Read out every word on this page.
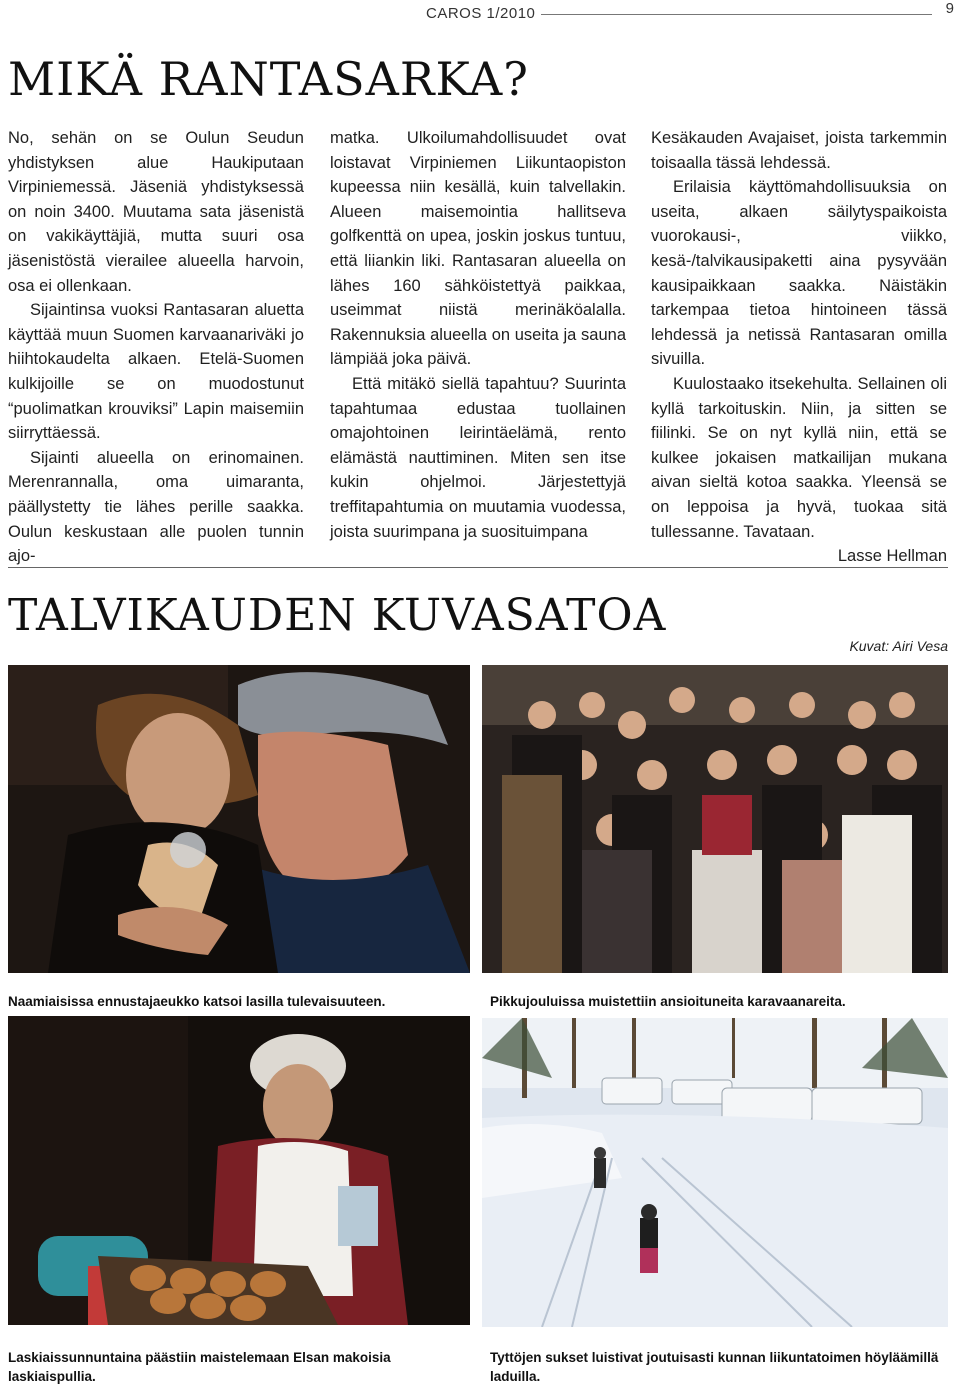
CAROS 1/2010	9
MIKÄ RANTASARKA?

No, sehän on se Oulun Seudun yhdistyksen alue Haukiputaan Virpiniemessä. Jäseniä yhdistyksessä on noin 3400. Muutama sata jäsenistä on vakikäyttäjiä, mutta suuri osa jäsenistöstä vierailee alueella harvoin, osa ei ollenkaan.

Sijaintinsa vuoksi Rantasaran aluetta käyttää muun Suomen karvaanariväki jo hiihtokaudelta alkaen. Etelä-Suomen kulkijoille se on muodostunut “puolimatkan krouviksi” Lapin maisemiin siirryttäessä.

Sijainti alueella on erinomainen. Merenrannalla, oma uimaranta, päällystetty tie lähes perille saakka. Oulun keskustaan alle puolen tunnin ajo-

matka. Ulkoilumahdollisuudet ovat loistavat Virpiniemen Liikuntaopiston kupeessa niin kesällä, kuin talvellakin. Alueen maisemointia hallitseva golfkenttä on upea, joskin joskus tuntuu, että liiankin liki. Rantasaran alueella on lähes 160 sähköistettyä paikkaa, useimmat niistä merinäköalalla. Rakennuksia alueella on useita ja sauna lämpiää joka päivä.

Että mitäkö siellä tapahtuu? Suurinta tapahtumaa edustaa tuollainen omajohtoinen leirintäelämä, rento elämästä nauttiminen. Miten sen itse kukin ohjelmoi. Järjestettyjä treffitapahtumia on muutamia vuodessa, joista suurimpana ja suosituimpana

Kesäkauden Avajaiset, joista tarkemmin toisaalla tässä lehdessä.

Erilaisia käyttömahdollisuuksia on useita, alkaen säilytyspaikoista vuorokausi-, viikko, kesä-/talvikausipaketti aina pysyvään kausipaikkaan saakka. Näistäkin tarkempaa tietoa hintoineen tässä lehdessä ja netissä Rantasaran omilla sivuilla.

Kuulostaako itsekehulta. Sellainen oli kyllä tarkoituskin. Niin, ja sitten se fiilinki. Se on nyt kyllä niin, että se kulkee jokaisen matkailijan mukana aivan sieltä kotoa saakka. Yleensä se on leppoisa ja hyvä, tuokaa sitä tullessanne. Tavataan.

Lasse Hellman

TALVIKAUDEN KUVASATOA
Kuvat: Airi Vesa
Naamiaisissa ennustajaeukko katsoi lasilla tulevaisuuteen.	Pikkujouluissa muistettiin ansioituneita karavaanareita.
Laskiaissunnuntaina päästiin maistelemaan Elsan makoisia laskiaispullia.
Tyttöjen sukset luistivat joutuisasti kunnan liikuntatoimen höyläämillä laduilla.
